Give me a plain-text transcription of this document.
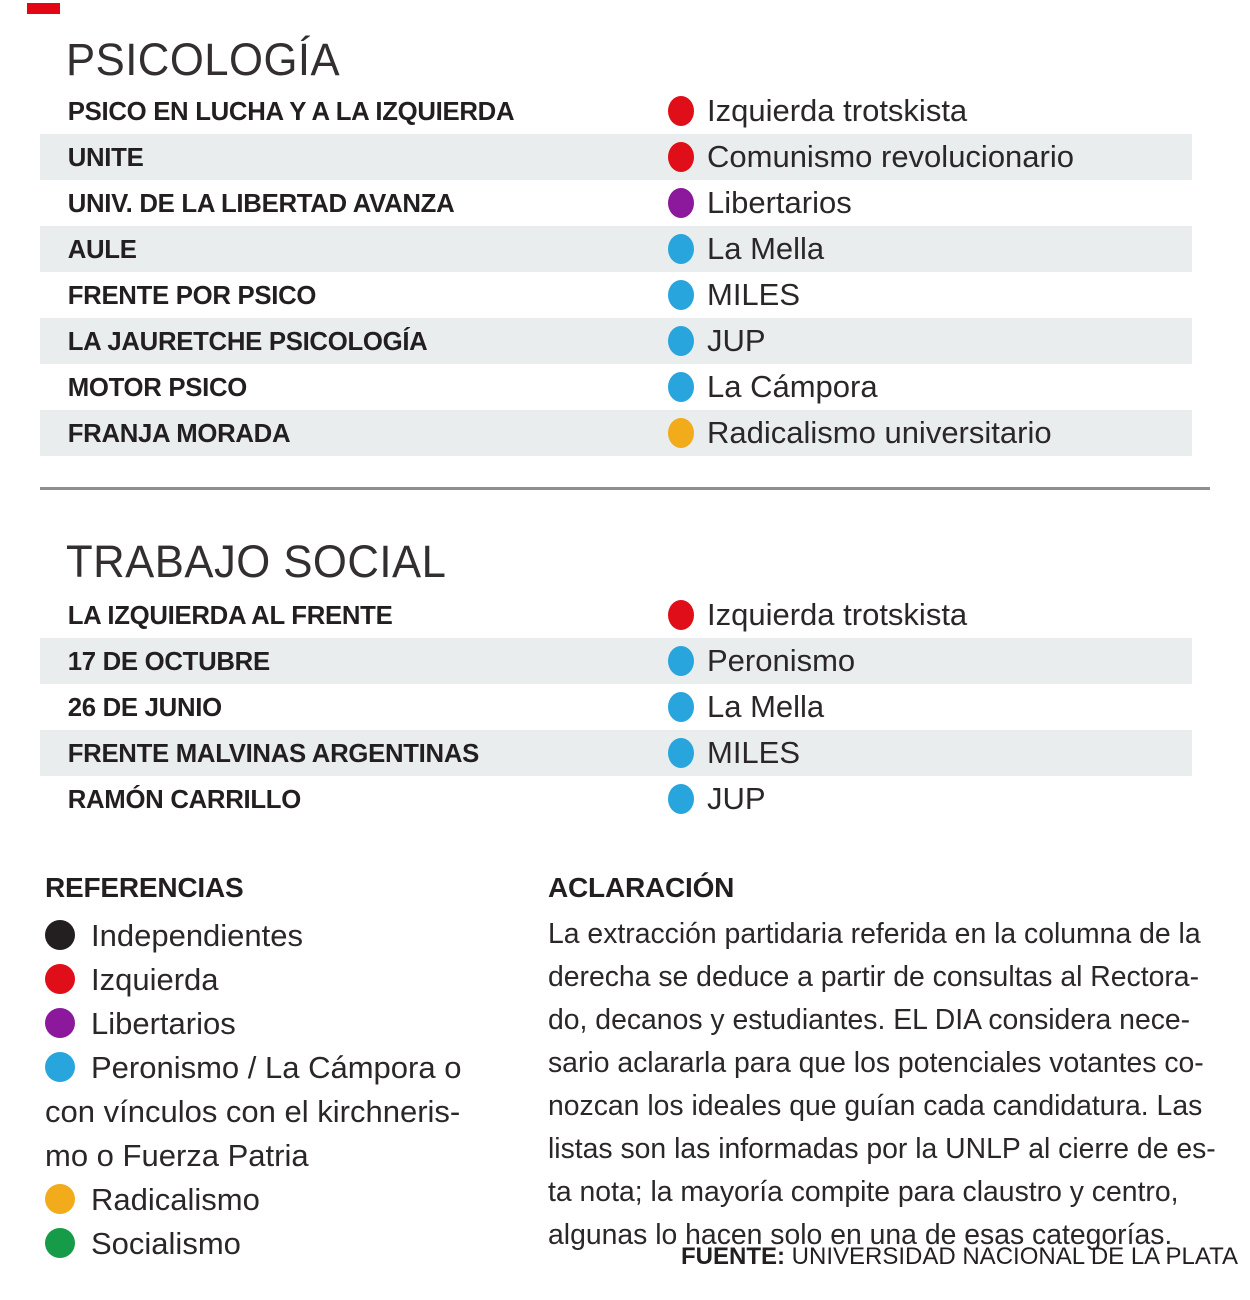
PSICOLOGÍA
PSICO EN LUCHA Y A LA IZQUIERDA	Izquierda trotskista
UNITE	Comunismo revolucionario
UNIV. DE LA LIBERTAD AVANZA	Libertarios
AULE	La Mella
FRENTE POR PSICO	MILES
LA JAURETCHE PSICOLOGÍA	JUP
MOTOR PSICO	La Cámpora
FRANJA MORADA	Radicalismo universitario
TRABAJO SOCIAL
LA IZQUIERDA AL FRENTE	Izquierda trotskista
17 DE OCTUBRE	Peronismo
26 DE JUNIO	La Mella
FRENTE MALVINAS ARGENTINAS	MILES
RAMÓN CARRILLO	JUP
REFERENCIAS
Independientes
Izquierda
Libertarios
Peronismo / La Cámpora o
con vínculos con el kirchneris-
mo o Fuerza Patria
Radicalismo
Socialismo
ACLARACIÓN
La extracción partidaria referida en la columna de la
derecha se deduce a partir de consultas al Rectora-
do, decanos y estudiantes. EL DIA considera nece-
sario aclararla para que los potenciales votantes co-
nozcan los ideales que guían cada candidatura. Las
listas son las informadas por la UNLP al cierre de es-
ta nota; la mayoría compite para claustro y centro,
algunas lo hacen solo en una de esas categorías.
FUENTE: UNIVERSIDAD NACIONAL DE LA PLATA
